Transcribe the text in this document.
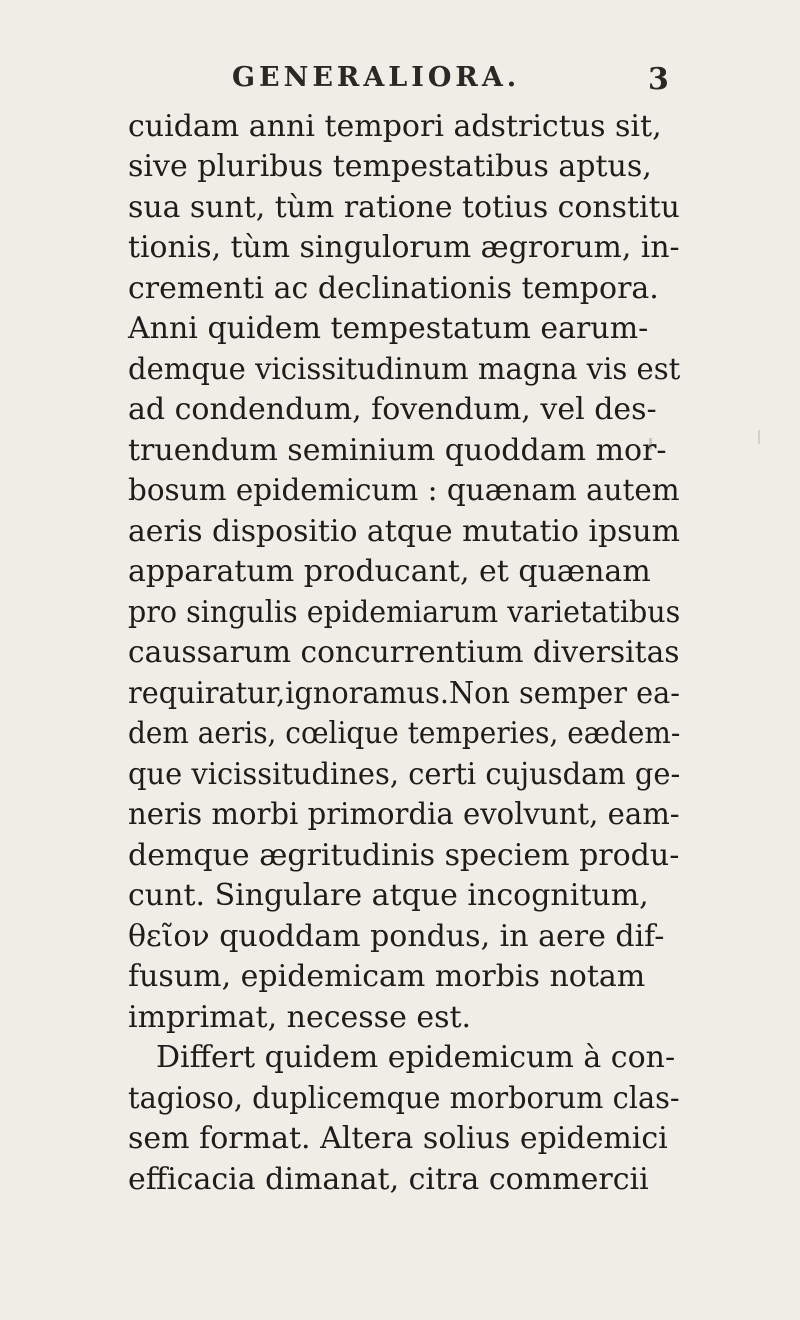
GENERALIORA.	3
cuidam anni tempori adstrictus sit,
sive pluribus tempestatibus aptus,
sua sunt, tùm ratione totius constitu
tionis, tùm singulorum ægrorum, in-
crementi ac declinationis tempora.
Anni quidem tempestatum earum-
demque vicissitudinum magna vis est
ad condendum, fovendum, vel des-
truendum seminium quoddam mor-
bosum epidemicum : quænam autem
aeris dispositio atque mutatio ipsum
apparatum producant, et quænam
pro singulis epidemiarum varietatibus
caussarum concurrentium diversitas
requiratur,ignoramus.Non semper ea-
dem aeris, cœlique temperies, eædem-
que vicissitudines, certi cujusdam ge-
neris morbi primordia evolvunt, eam-
demque ægritudinis speciem produ-
cunt. Singulare atque incognitum,
θεῖον quoddam pondus, in aere dif-
fusum, epidemicam morbis notam
imprimat, necesse est.
Differt quidem epidemicum à con-
tagioso, duplicemque morborum clas-
sem format. Altera solius epidemici
efficacia dimanat, citra commercii
